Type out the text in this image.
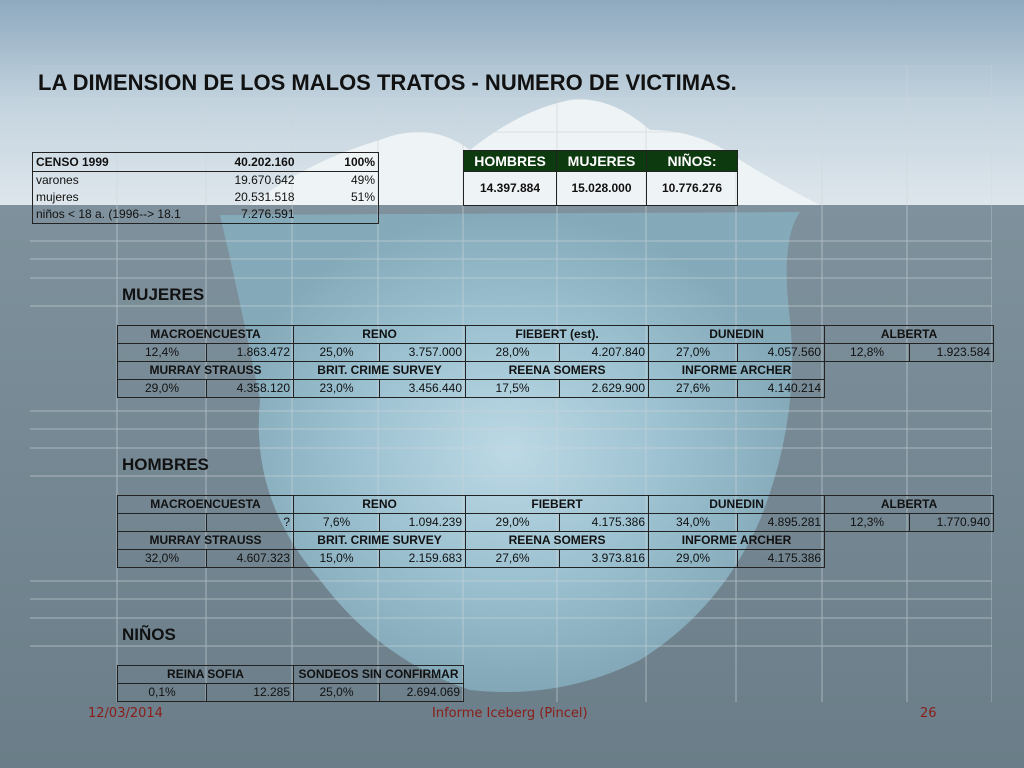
LA DIMENSION DE LOS MALOS TRATOS - NUMERO DE VICTIMAS.
CENSO 1999	40.202.160	100%
varones	19.670.642	49%
mujeres	20.531.518	51%
niños < 18 a. (1996--> 18.1	7.276.591	
HOMBRES	MUJERES	NIÑOS:
14.397.884	15.028.000	10.776.276
MUJERES
MACROENCUESTA		RENO		FIEBERT (est).		DUNEDIN		ALBERTA	
12,4%	1.863.472	25,0%	3.757.000	28,0%	4.207.840	27,0%	4.057.560	12,8%	1.923.584
MURRAY STRAUSS		BRIT. CRIME SURVEY		REENA SOMERS		INFORME ARCHER			
29,0%	4.358.120	23,0%	3.456.440	17,5%	2.629.900	27,6%	4.140.214		
HOMBRES
MACROENCUESTA		RENO		FIEBERT		DUNEDIN		ALBERTA	
	?	7,6%	1.094.239	29,0%	4.175.386	34,0%	4.895.281	12,3%	1.770.940
MURRAY STRAUSS		BRIT. CRIME SURVEY		REENA SOMERS		INFORME ARCHER			
32,0%	4.607.323	15,0%	2.159.683	27,6%	3.973.816	29,0%	4.175.386		
NIÑOS
REINA SOFIA		SONDEOS SIN CONFIRMAR	
0,1%	12.285	25,0%	2.694.069
12/03/2014	Informe Iceberg (Pincel)	26
